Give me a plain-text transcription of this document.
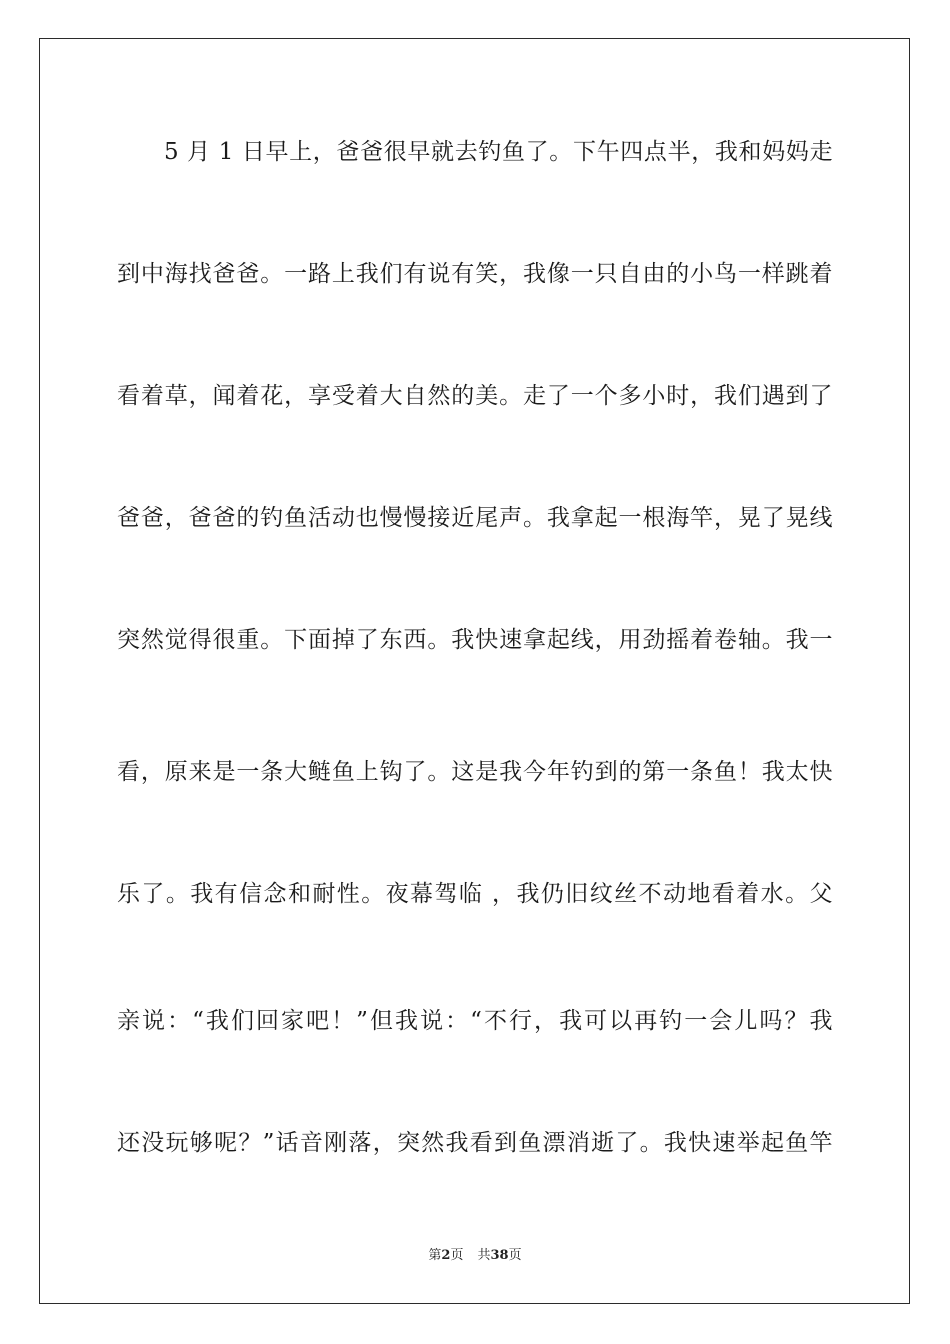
5 月 1 日早上，爸爸很早就去钓鱼了。下午四点半，我和妈妈走
到中海找爸爸。一路上我们有说有笑，我像一只自由的小鸟一样跳着
看着草，闻着花，享受着大自然的美。走了一个多小时，我们遇到了
爸爸，爸爸的钓鱼活动也慢慢接近尾声。我拿起一根海竿，晃了晃线
突然觉得很重。下面掉了东西。我快速拿起线，用劲摇着卷轴。我一
看，原来是一条大鲢鱼上钩了。这是我今年钓到的第一条鱼！我太快
乐了。我有信念和耐性。夜幕驾临 ，我仍旧纹丝不动地看着水。父
亲说：“我们回家吧！”但我说：“不行，我可以再钓一会儿吗？我
还没玩够呢？”话音刚落，突然我看到鱼漂消逝了。我快速举起鱼竿
第2页 共38页
